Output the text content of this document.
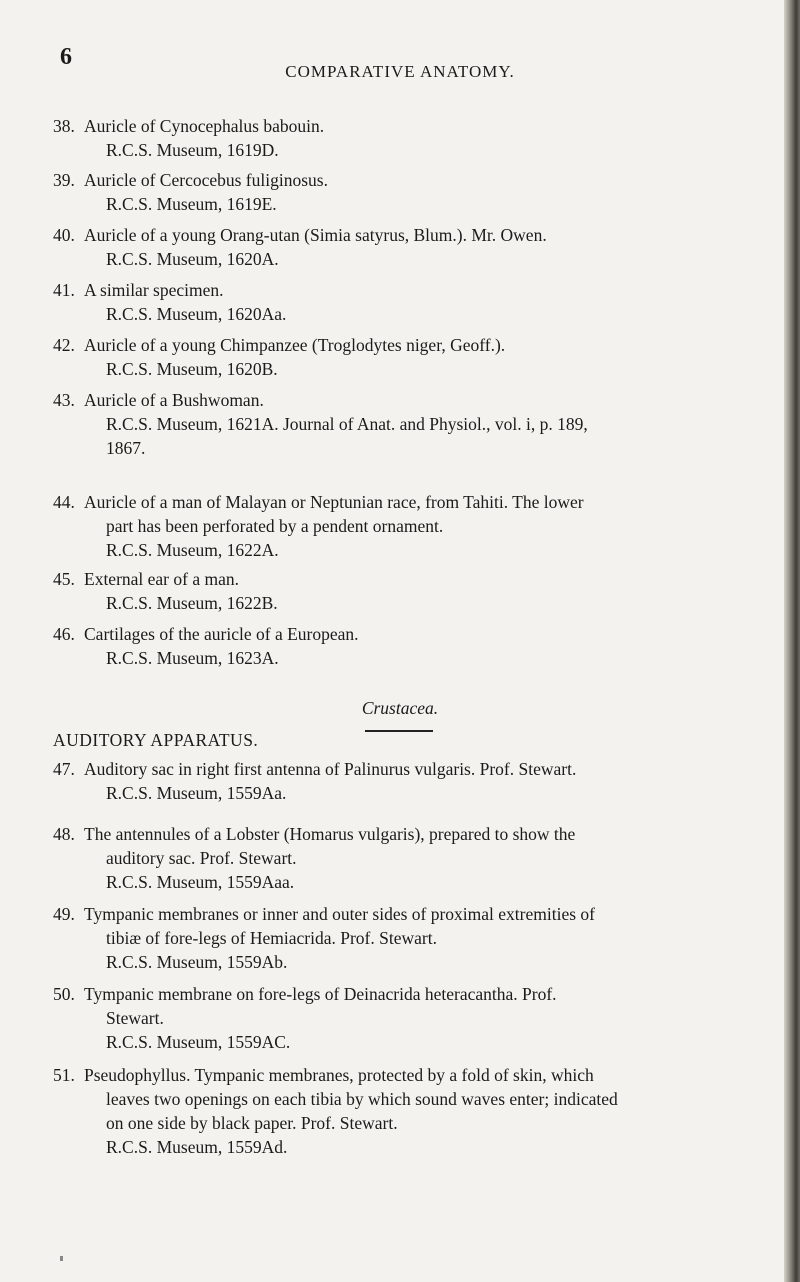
6
COMPARATIVE ANATOMY.
38. Auricle of Cynocephalus babouin.

R.C.S. Museum, 1619D.

39. Auricle of Cercocebus fuliginosus.

R.C.S. Museum, 1619E.

40. Auricle of a young Orang-utan (Simia satyrus, Blum.). Mr. Owen.

R.C.S. Museum, 1620A.

41. A similar specimen.

R.C.S. Museum, 1620Aa.

42. Auricle of a young Chimpanzee (Troglodytes niger, Geoff.).

R.C.S. Museum, 1620B.

43. Auricle of a Bushwoman.

R.C.S. Museum, 1621A. Journal of Anat. and Physiol., vol. i, p. 189,

1867.

44. Auricle of a man of Malayan or Neptunian race, from Tahiti. The lower

part has been perforated by a pendent ornament.

R.C.S. Museum, 1622A.

45. External ear of a man.

R.C.S. Museum, 1622B.

46. Cartilages of the auricle of a European.

R.C.S. Museum, 1623A.

Crustacea.
AUDITORY APPARATUS.
47. Auditory sac in right first antenna of Palinurus vulgaris. Prof. Stewart.

R.C.S. Museum, 1559Aa.

48. The antennules of a Lobster (Homarus vulgaris), prepared to show the

auditory sac. Prof. Stewart.

R.C.S. Museum, 1559Aaa.

49. Tympanic membranes or inner and outer sides of proximal extremities of

tibiæ of fore-legs of Hemiacrida. Prof. Stewart.

R.C.S. Museum, 1559Ab.

50. Tympanic membrane on fore-legs of Deinacrida heteracantha. Prof.

Stewart.

R.C.S. Museum, 1559AC.

51. Pseudophyllus. Tympanic membranes, protected by a fold of skin, which

leaves two openings on each tibia by which sound waves enter; indicated

on one side by black paper. Prof. Stewart.

R.C.S. Museum, 1559Ad.
